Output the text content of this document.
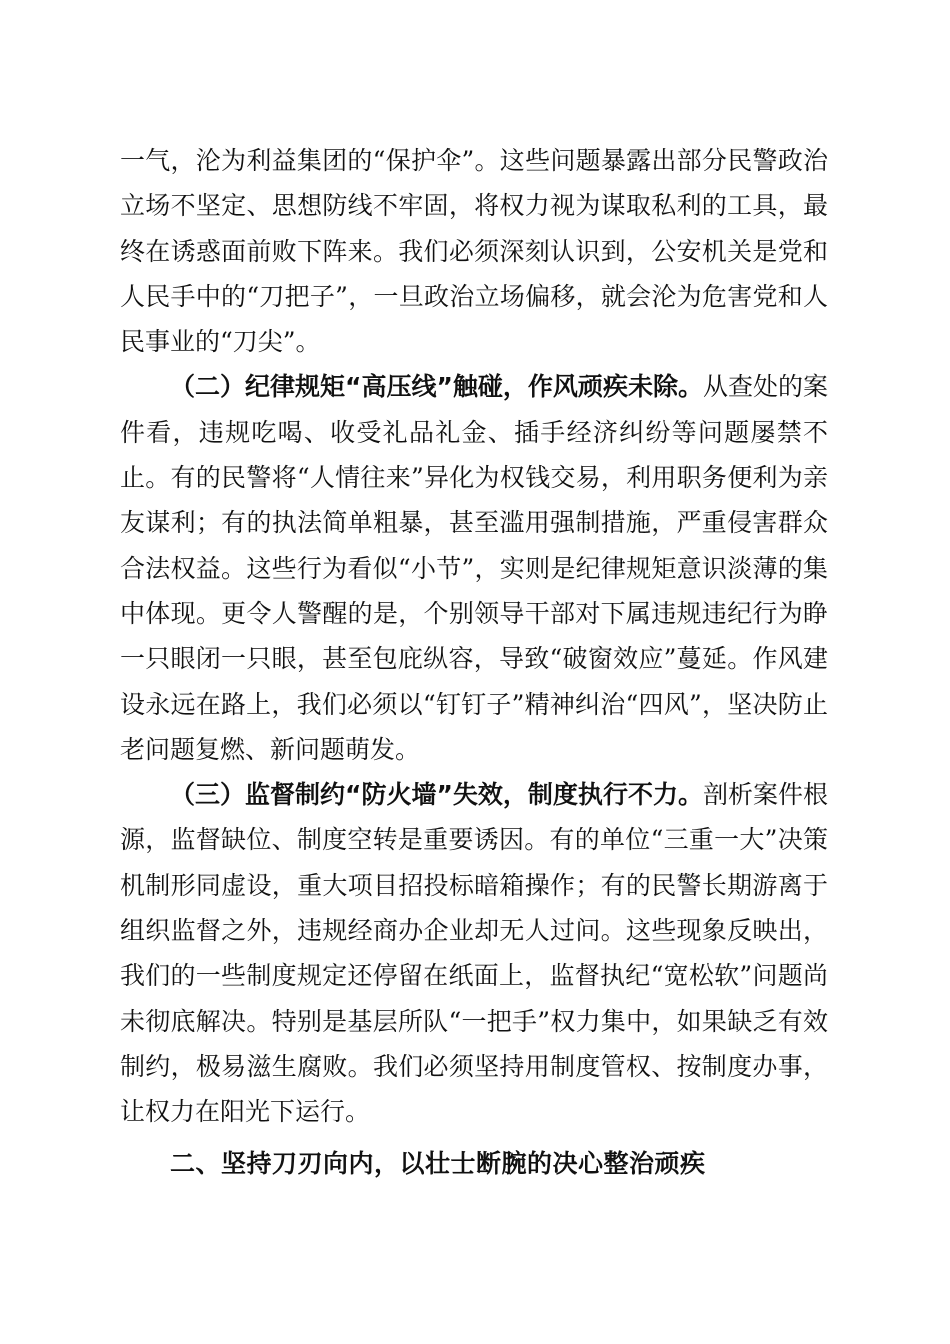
一气，沦为利益集团的“保护伞”。这些问题暴露出部分民警政治立场不坚定、思想防线不牢固，将权力视为谋取私利的工具，最终在诱惑面前败下阵来。我们必须深刻认识到，公安机关是党和人民手中的“刀把子”，一旦政治立场偏移，就会沦为危害党和人民事业的“刀尖”。

（二）纪律规矩“高压线”触碰，作风顽疾未除。从查处的案件看，违规吃喝、收受礼品礼金、插手经济纠纷等问题屡禁不止。有的民警将“人情往来”异化为权钱交易，利用职务便利为亲友谋利；有的执法简单粗暴，甚至滥用强制措施，严重侵害群众合法权益。这些行为看似“小节”，实则是纪律规矩意识淡薄的集中体现。更令人警醒的是，个别领导干部对下属违规违纪行为睁一只眼闭一只眼，甚至包庇纵容，导致“破窗效应”蔓延。作风建设永远在路上，我们必须以“钉钉子”精神纠治“四风”，坚决防止老问题复燃、新问题萌发。

（三）监督制约“防火墙”失效，制度执行不力。剖析案件根源，监督缺位、制度空转是重要诱因。有的单位“三重一大”决策机制形同虚设，重大项目招投标暗箱操作；有的民警长期游离于组织监督之外，违规经商办企业却无人过问。这些现象反映出，我们的一些制度规定还停留在纸面上，监督执纪“宽松软”问题尚未彻底解决。特别是基层所队“一把手”权力集中，如果缺乏有效制约，极易滋生腐败。我们必须坚持用制度管权、按制度办事，让权力在阳光下运行。

二、坚持刀刃向内，以壮士断腕的决心整治顽疾
